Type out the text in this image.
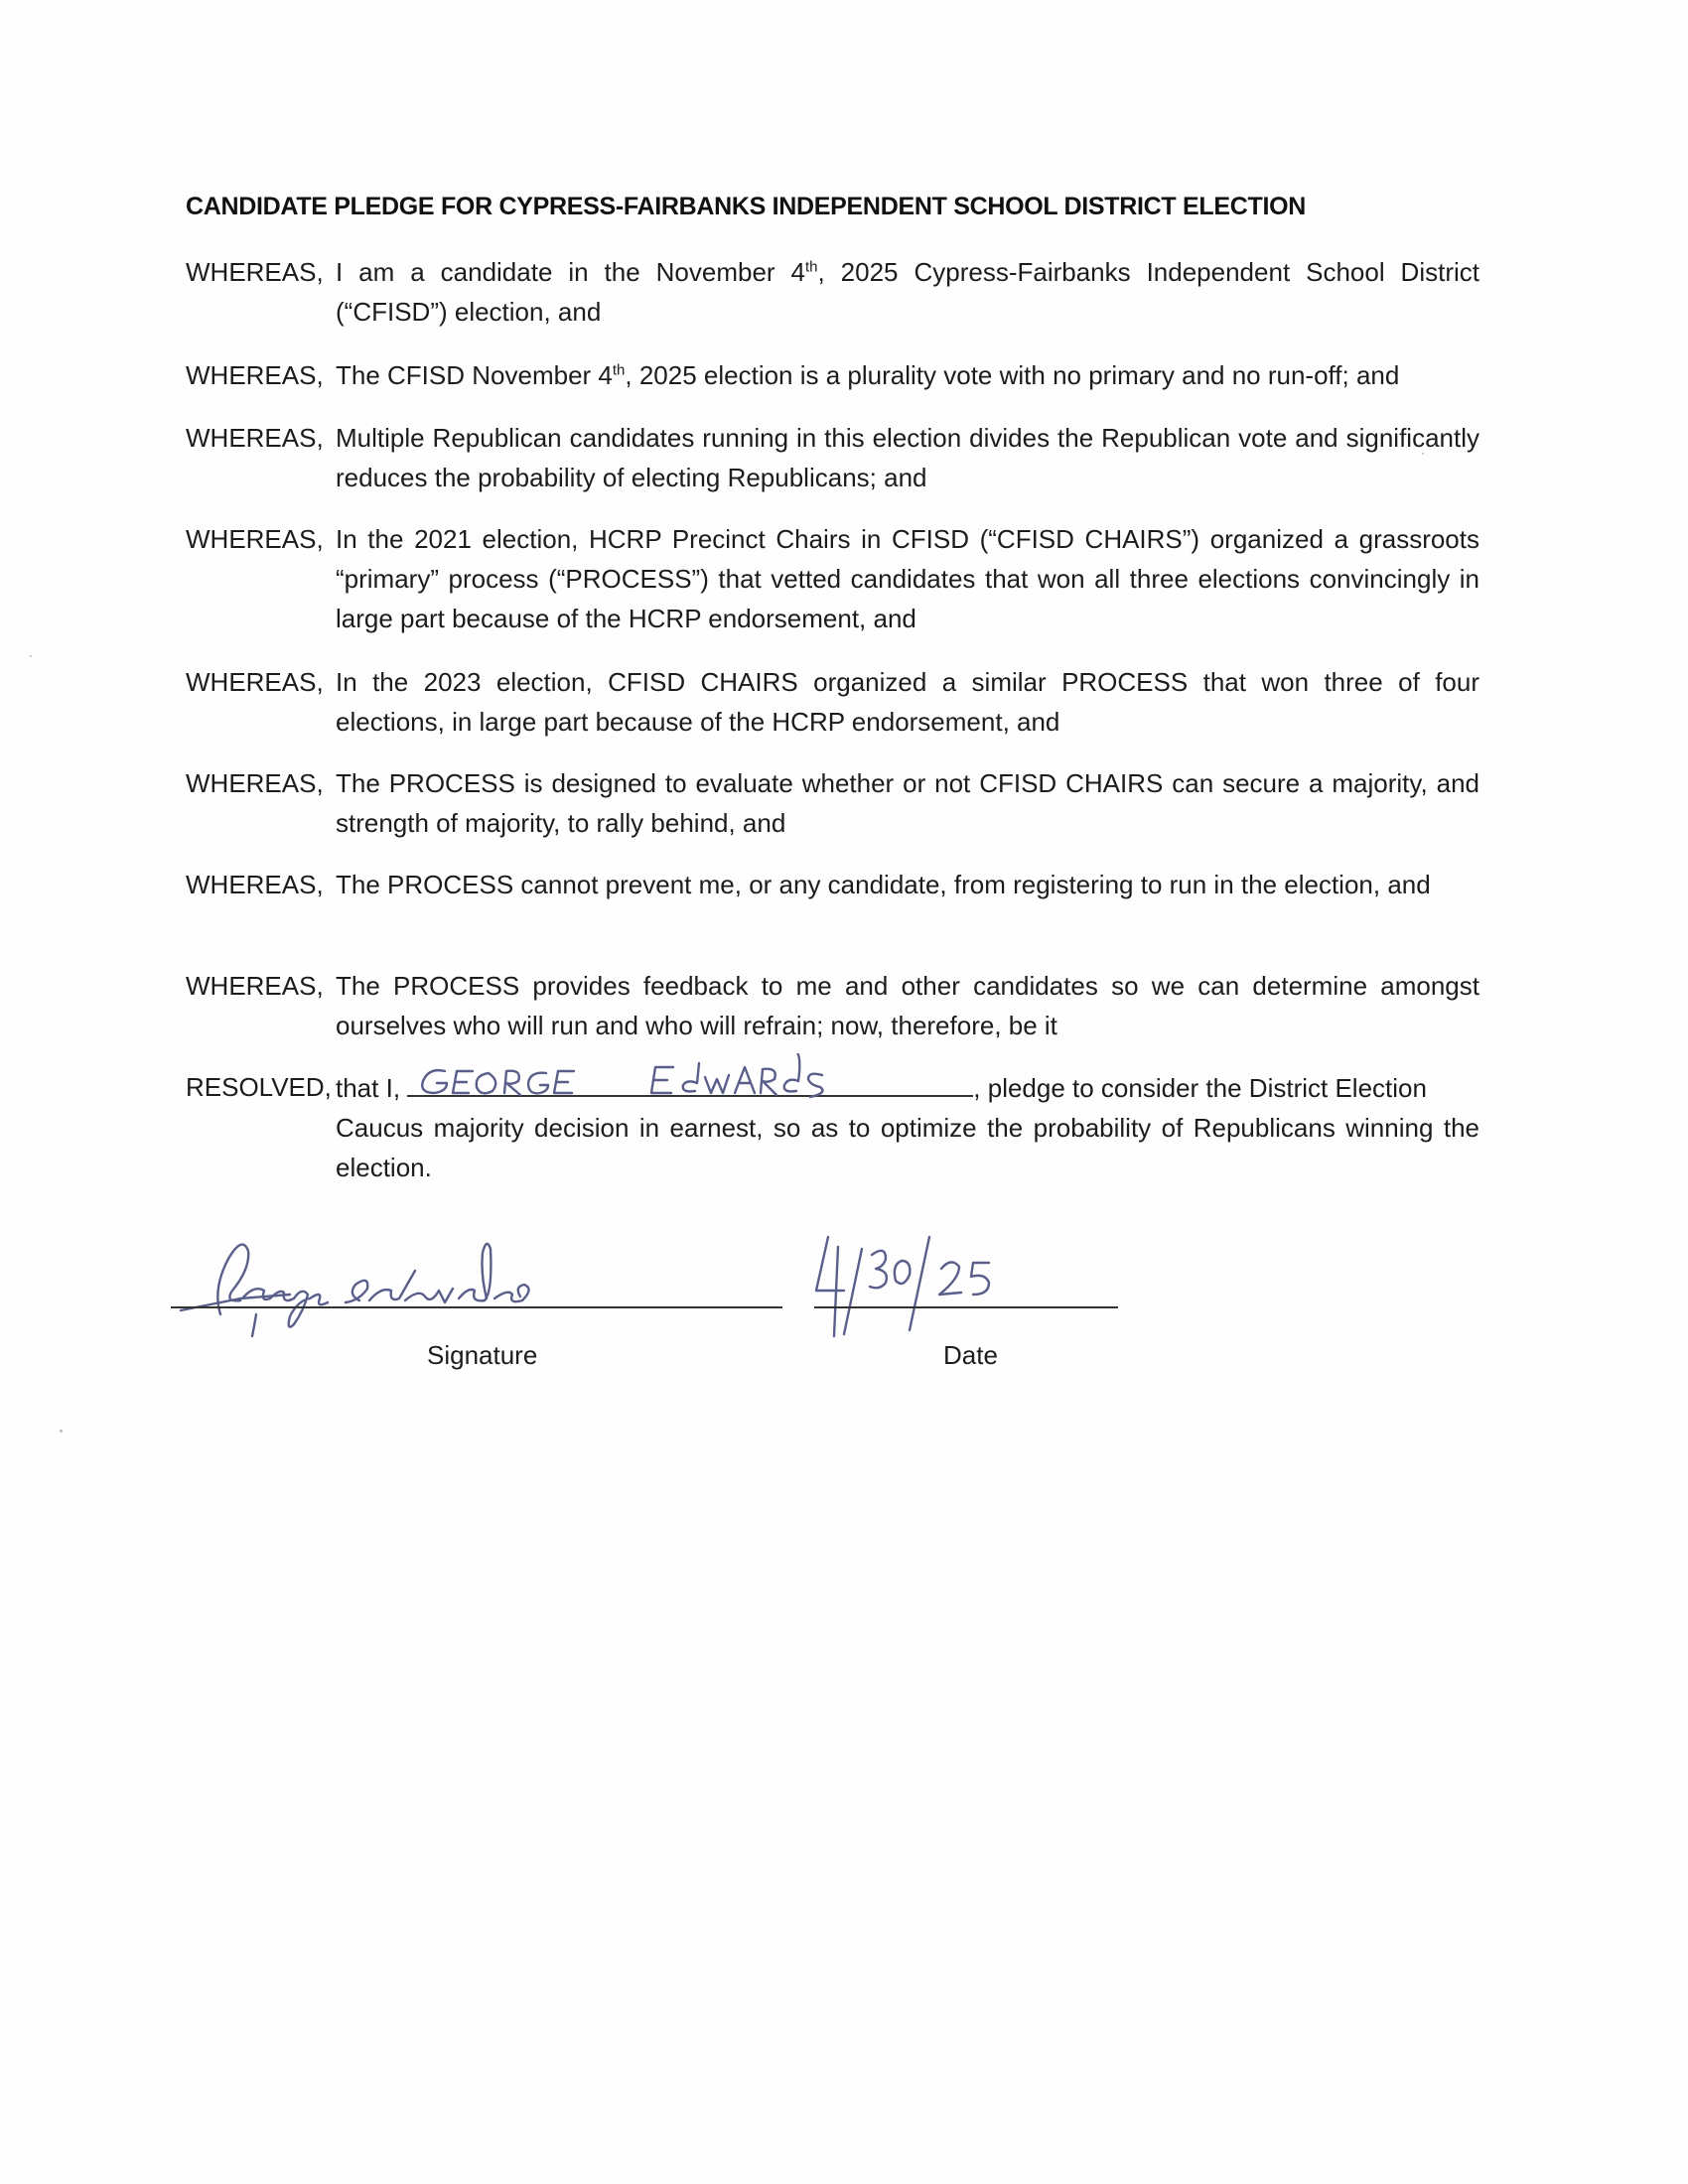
CANDIDATE PLEDGE FOR CYPRESS-FAIRBANKS INDEPENDENT SCHOOL DISTRICT ELECTION
WHEREAS, I am a candidate in the November 4th, 2025 Cypress-Fairbanks Independent School District (“CFISD”) election, and
WHEREAS, The CFISD November 4th, 2025 election is a plurality vote with no primary and no run-off; and
WHEREAS, Multiple Republican candidates running in this election divides the Republican vote and significantly reduces the probability of electing Republicans; and
WHEREAS, In the 2021 election, HCRP Precinct Chairs in CFISD (“CFISD CHAIRS”) organized a grassroots “primary” process (“PROCESS”) that vetted candidates that won all three elections convincingly in large part because of the HCRP endorsement, and
WHEREAS, In the 2023 election, CFISD CHAIRS organized a similar PROCESS that won three of four elections, in large part because of the HCRP endorsement, and
WHEREAS, The PROCESS is designed to evaluate whether or not CFISD CHAIRS can secure a majority, and strength of majority, to rally behind, and
WHEREAS, The PROCESS cannot prevent me, or any candidate, from registering to run in the election, and
WHEREAS, The PROCESS provides feedback to me and other candidates so we can determine amongst ourselves who will run and who will refrain; now, therefore, be it
RESOLVED, that I,	, pledge to consider the District Election
Caucus majority decision in earnest, so as to optimize the probability of Republicans winning the election.
Signature	Date
